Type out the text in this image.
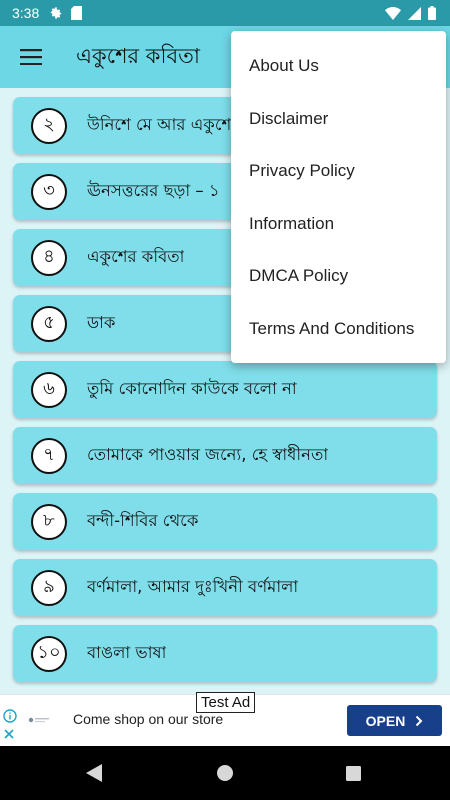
3:38
একুশের কবিতা
২	উনিশে মে আর একুশে
৩	ঊনসত্তরের ছড়া – ১
৪	একুশের কবিতা
৫	ডাক
৬	তুমি কোনোদিন কাউকে বলো না
৭	তোমাকে পাওয়ার জন্যে, হে স্বাধীনতা
৮	বন্দী-শিবির থেকে
৯	বর্ণমালা, আমার দুঃখিনী বর্ণমালা
১০	বাঙলা ভাষা
About Us
Disclaimer
Privacy Policy
Information
DMCA Policy
Terms And Conditions
Test Ad
Come shop on our store	OPEN
